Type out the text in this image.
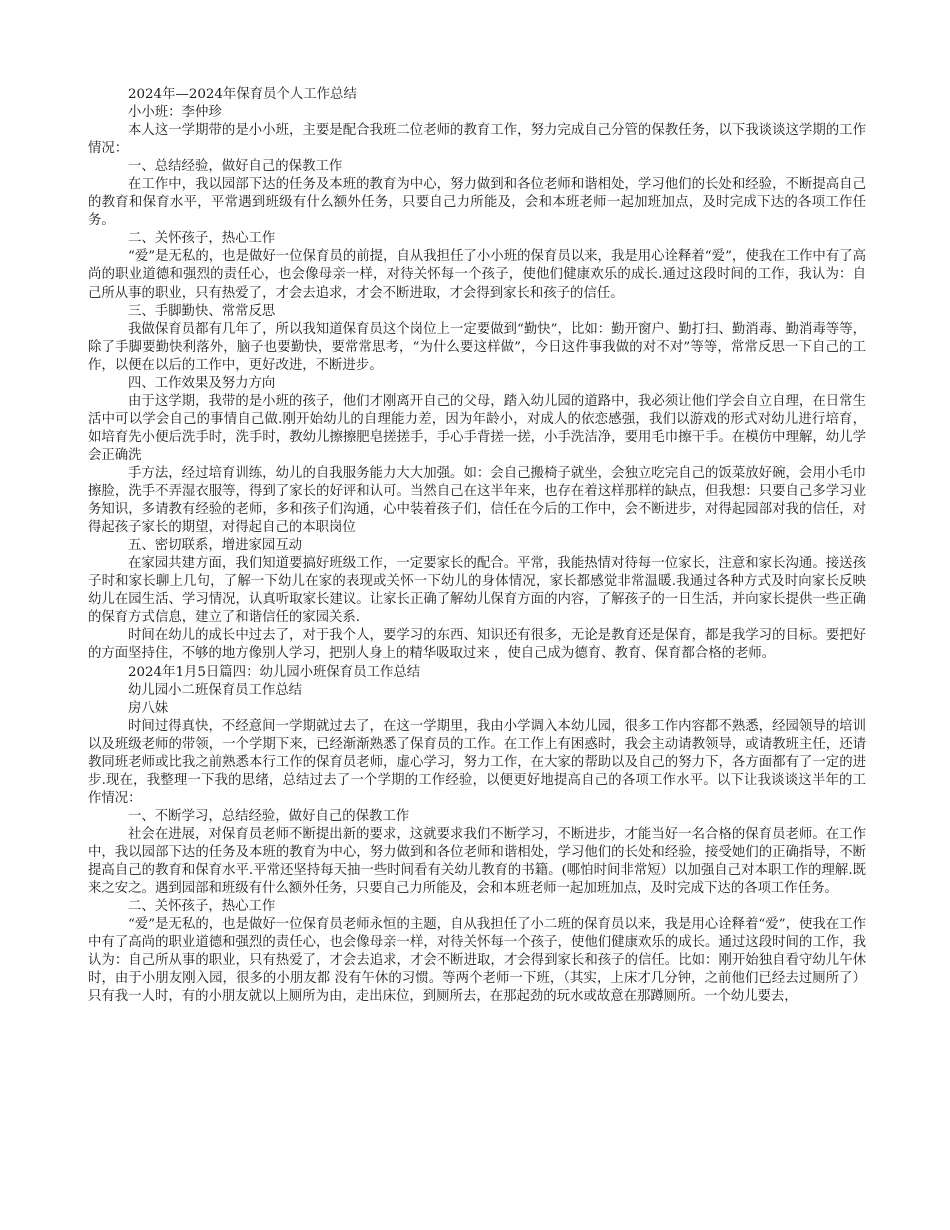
2024年—2024年保育员个人工作总结

小小班：李仲珍

本人这一学期带的是小小班，主要是配合我班二位老师的教育工作，努力完成自己分管的保教任务，以下我谈谈这学期的工作情况：

一、总结经验，做好自己的保教工作

在工作中，我以园部下达的任务及本班的教育为中心，努力做到和各位老师和谐相处，学习他们的长处和经验，不断提高自己的教育和保育水平，平常遇到班级有什么额外任务，只要自己力所能及，会和本班老师一起加班加点，及时完成下达的各项工作任务。

二、关怀孩子，热心工作

“爱”是无私的，也是做好一位保育员的前提，自从我担任了小小班的保育员以来，我是用心诠释着“爱”，使我在工作中有了高尚的职业道德和强烈的责任心，也会像母亲一样，对待关怀每一个孩子，使他们健康欢乐的成长.通过这段时间的工作，我认为：自己所从事的职业，只有热爱了，才会去追求，才会不断进取，才会得到家长和孩子的信任。

三、手脚勤快、常常反思

我做保育员都有几年了，所以我知道保育员这个岗位上一定要做到“勤快”，比如：勤开窗户、勤打扫、勤消毒、勤消毒等等，除了手脚要勤快利落外，脑子也要勤快，要常常思考，“为什么要这样做”，今日这件事我做的对不对”等等，常常反思一下自己的工作，以便在以后的工作中，更好改进，不断进步。

四、工作效果及努力方向

由于这学期，我带的是小班的孩子，他们才刚离开自己的父母，踏入幼儿园的道路中，我必须让他们学会自立自理，在日常生活中可以学会自己的事情自己做.刚开始幼儿的自理能力差，因为年龄小，对成人的依恋感强，我们以游戏的形式对幼儿进行培育，如培育先小便后洗手时，洗手时，教幼儿擦擦肥皂搓搓手，手心手背搓一搓，小手洗洁净，要用毛巾擦干手。在模仿中理解，幼儿学会正确洗

手方法，经过培育训练，幼儿的自我服务能力大大加强。如：会自己搬椅子就坐，会独立吃完自己的饭菜放好碗，会用小毛巾擦脸，洗手不弄湿衣服等，得到了家长的好评和认可。当然自己在这半年来，也存在着这样那样的缺点，但我想：只要自己多学习业务知识，多请教有经验的老师，多和孩子们沟通，心中装着孩子们，信任在今后的工作中，会不断进步，对得起园部对我的信任，对得起孩子家长的期望，对得起自己的本职岗位

五、密切联系，增进家园互动

在家园共建方面，我们知道要搞好班级工作，一定要家长的配合。平常，我能热情对待每一位家长，注意和家长沟通。接送孩子时和家长聊上几句，了解一下幼儿在家的表现或关怀一下幼儿的身体情况，家长都感觉非常温暖.我通过各种方式及时向家长反映幼儿在园生活、学习情况，认真听取家长建议。让家长正确了解幼儿保育方面的内容，了解孩子的一日生活，并向家长提供一些正确的保育方式信息，建立了和谐信任的家园关系.

时间在幼儿的成长中过去了，对于我个人，要学习的东西、知识还有很多，无论是教育还是保育，都是我学习的目标。要把好的方面坚持住，不够的地方像别人学习，把别人身上的精华吸取过来 ，使自己成为德育、教育、保育都合格的老师。

2024年1月5日篇四：幼儿园小班保育员工作总结

幼儿园小二班保育员工作总结

房八妹

时间过得真快，不经意间一学期就过去了，在这一学期里，我由小学调入本幼儿园，很多工作内容都不熟悉，经园领导的培训以及班级老师的带领，一个学期下来，已经渐渐熟悉了保育员的工作。在工作上有困惑时，我会主动请教领导，或请教班主任，还请教同班老师或比我之前熟悉本行工作的保育员老师，虚心学习，努力工作，在大家的帮助以及自己的努力下，各方面都有了一定的进步.现在，我整理一下我的思绪，总结过去了一个学期的工作经验，以便更好地提高自己的各项工作水平。以下让我谈谈这半年的工作情况：

一、不断学习，总结经验，做好自己的保教工作

社会在进展，对保育员老师不断提出新的要求，这就要求我们不断学习，不断进步，才能当好一名合格的保育员老师。在工作中，我以园部下达的任务及本班的教育为中心，努力做到和各位老师和谐相处，学习他们的长处和经验，接受她们的正确指导，不断提高自己的教育和保育水平.平常还坚持每天抽一些时间看有关幼儿教育的书籍。(哪怕时间非常短）以加强自己对本职工作的理解.既来之安之。遇到园部和班级有什么额外任务，只要自己力所能及，会和本班老师一起加班加点，及时完成下达的各项工作任务。

二、关怀孩子，热心工作

“爱”是无私的，也是做好一位保育员老师永恒的主题，自从我担任了小二班的保育员以来，我是用心诠释着“爱”，使我在工作中有了高尚的职业道德和强烈的责任心，也会像母亲一样，对待关怀每一个孩子，使他们健康欢乐的成长。通过这段时间的工作，我认为：自己所从事的职业，只有热爱了，才会去追求，才会不断进取，才会得到家长和孩子的信任。比如：刚开始独自看守幼儿午休时，由于小朋友刚入园，很多的小朋友都 没有午休的习惯。等两个老师一下班，（其实，上床才几分钟，之前他们已经去过厕所了）只有我一人时，有的小朋友就以上厕所为由，走出床位，到厕所去，在那起劲的玩水或故意在那蹲厕所。一个幼儿要去，
